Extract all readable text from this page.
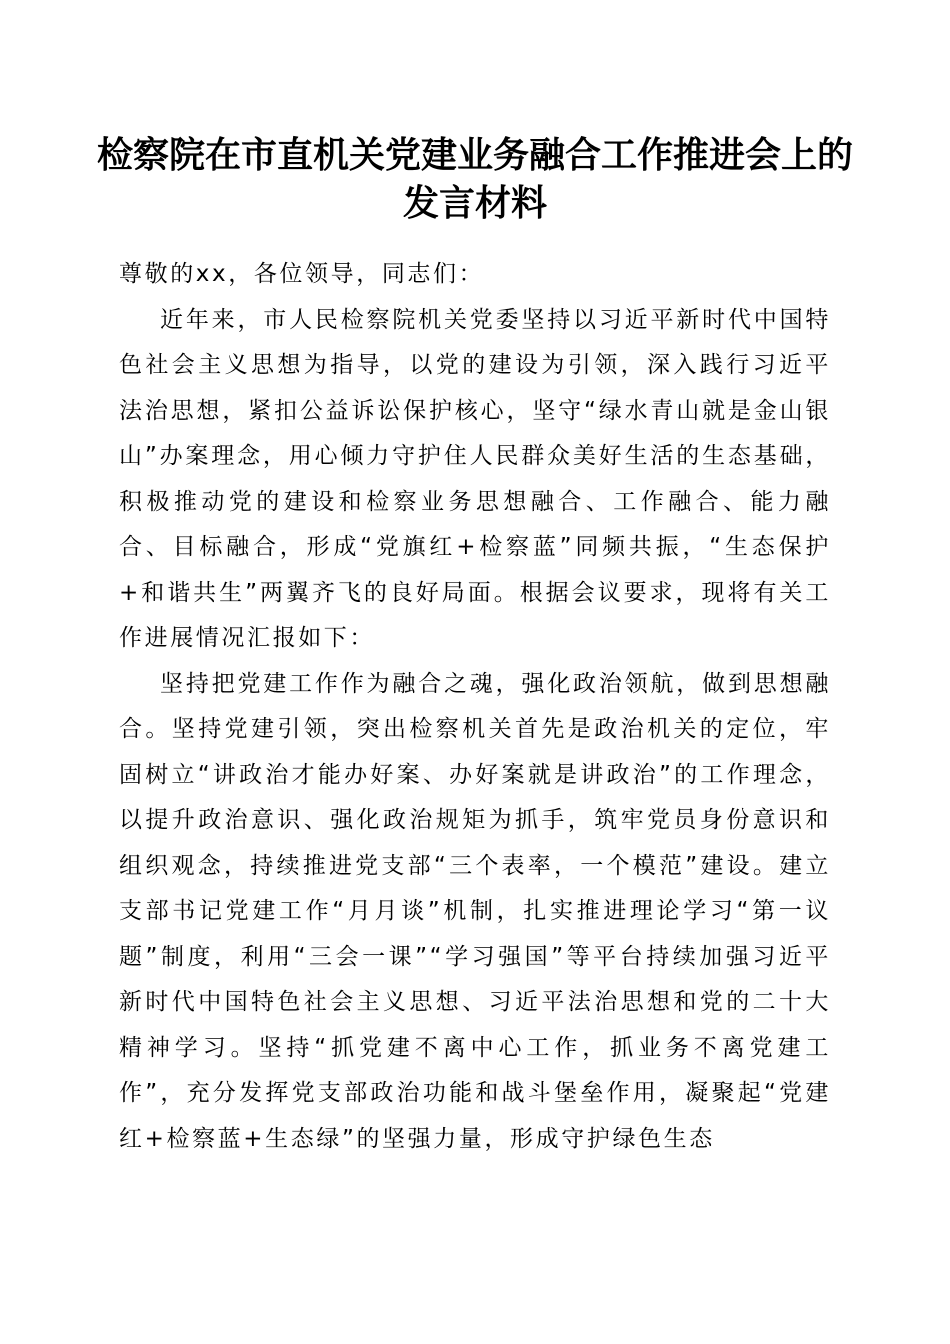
检察院在市直机关党建业务融合工作推进会上的发言材料

尊敬的xx，各位领导，同志们：

近年来，市人民检察院机关党委坚持以习近平新时代中国特色社会主义思想为指导，以党的建设为引领，深入践行习近平法治思想，紧扣公益诉讼保护核心，坚守“绿水青山就是金山银山”办案理念，用心倾力守护住人民群众美好生活的生态基础，积极推动党的建设和检察业务思想融合、工作融合、能力融合、目标融合，形成“党旗红+检察蓝”同频共振，“生态保护+和谐共生”两翼齐飞的良好局面。根据会议要求，现将有关工作进展情况汇报如下：

坚持把党建工作作为融合之魂，强化政治领航，做到思想融合。坚持党建引领，突出检察机关首先是政治机关的定位，牢固树立“讲政治才能办好案、办好案就是讲政治”的工作理念，以提升政治意识、强化政治规矩为抓手，筑牢党员身份意识和组织观念，持续推进党支部“三个表率，一个模范”建设。建立支部书记党建工作“月月谈”机制，扎实推进理论学习“第一议题”制度，利用“三会一课”“学习强国”等平台持续加强习近平新时代中国特色社会主义思想、习近平法治思想和党的二十大精神学习。坚持“抓党建不离中心工作，抓业务不离党建工作”，充分发挥党支部政治功能和战斗堡垒作用，凝聚起“党建红+检察蓝+生态绿”的坚强力量，形成守护绿色生态
